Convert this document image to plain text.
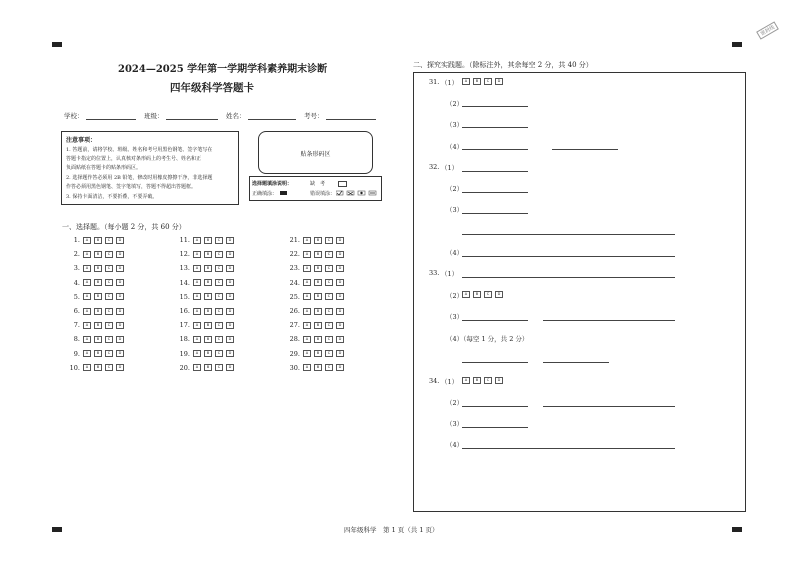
密封线
2024—2025 学年第一学期学科素养期末诊断
四年级科学答题卡
学校：	班级：	姓名：	考号：
注意事项：
1. 答题前，请将学校、班级、姓名和考号用黑色钢笔、签字笔写在
答题卡指定的位置上，认真核对条形码上的考生号、姓名和正
负面贴纸在答题卡的贴条形码区。
2. 选择题作答必须用 2B 铅笔，修改时用橡皮擦擦干净，非选择题
作答必须用黑色钢笔、签字笔填写，答题不得超出答题框。
3. 保持卡面清洁，不要折叠，不要弄破。
贴条形码区
选择题填涂说明：	缺　考
正确填涂：	错误填涂：
一、选择题。（每小题 2 分，共 60 分）
1. A B C D
2. A B C D
3. A B C D
4. A B C D
5. A B C D
6. A B C D
7. A B C D
8. A B C D
9. A B C D
10. A B C D
11. A B C D
12. A B C D
13. A B C D
14. A B C D
15. A B C D
16. A B C D
17. A B C D
18. A B C D
19. A B C D
20. A B C D
21. A B C D
22. A B C D
23. A B C D
24. A B C D
25. A B C D
26. A B C D
27. A B C D
28. A B C D
29. A B C D
30. A B C D
四年级科学　第 1 页（共 1 页）
二、探究实践题。（除标注外，其余每空 2 分，共 40 分）
31. （1）	A B C D
（2）
（3）
（4）
32. （1）
（2）
（3）
（4）
33. （1）
（2） A B C D
（3）
（4）（每空 1 分，共 2 分）
34. （1）	A B C D
（2）
（3）
（4）
